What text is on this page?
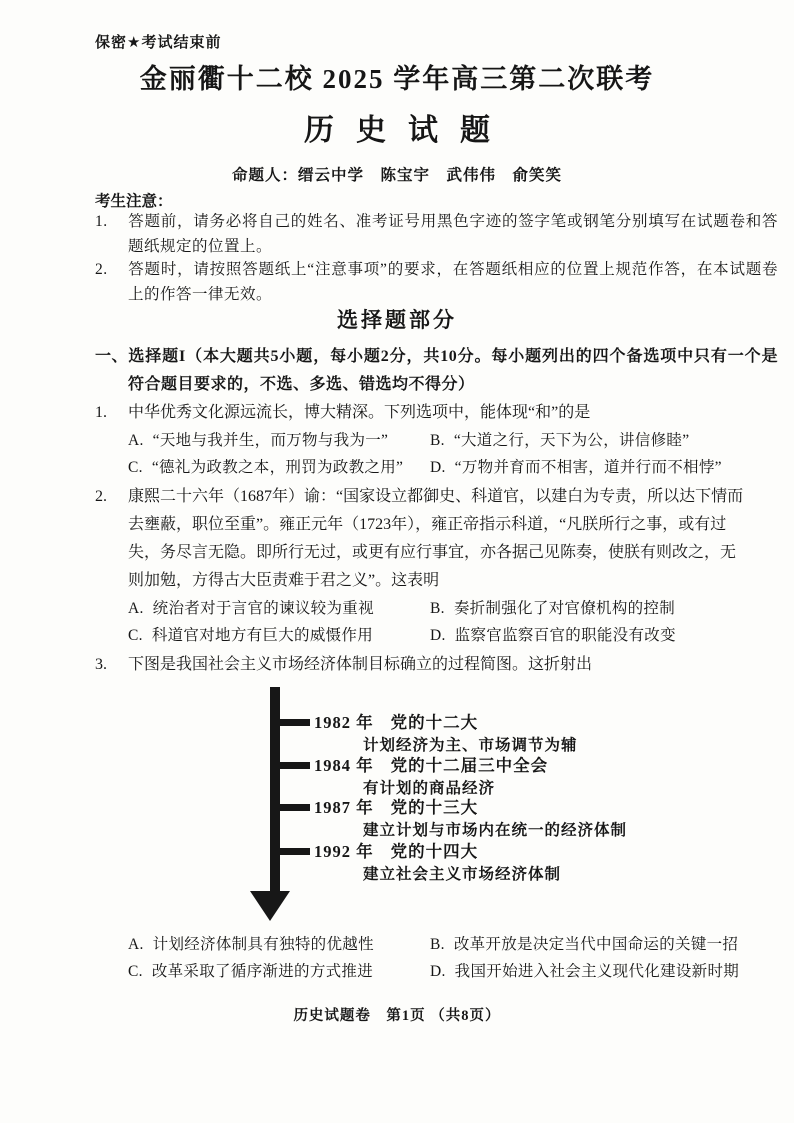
保密★考试结束前
金丽衢十二校 2025 学年高三第二次联考
历史试题
命题人：缙云中学　陈宝宇　武伟伟　俞笑笑
考生注意：
1. 答题前，请务必将自己的姓名、准考证号用黑色字迹的签字笔或钢笔分别填写在试题卷和答题纸规定的位置上。
2. 答题时，请按照答题纸上“注意事项”的要求，在答题纸相应的位置上规范作答，在本试题卷上的作答一律无效。
选择题部分
一、选择题I（本大题共5小题，每小题2分，共10分。每小题列出的四个备选项中只有一个是符合题目要求的，不选、多选、错选均不得分）
1. 中华优秀文化源远流长，博大精深。下列选项中，能体现“和”的是
A. “天地与我并生，而万物与我为一”	B. “大道之行，天下为公，讲信修睦”
C. “德礼为政教之本，刑罚为政教之用”	D. “万物并育而不相害，道并行而不相悖”
2. 康熙二十六年（1687年）谕：“国家设立都御史、科道官，以建白为专责，所以达下情而去壅蔽，职位至重”。雍正元年（1723年），雍正帝指示科道，“凡朕所行之事，或有过失，务尽言无隐。即所行无过，或更有应行事宜，亦各据己见陈奏，使朕有则改之，无则加勉，方得古大臣责难于君之义”。这表明
A. 统治者对于言官的谏议较为重视	B. 奏折制强化了对官僚机构的控制
C. 科道官对地方有巨大的威慑作用	D. 监察官监察百官的职能没有改变
3. 下图是我国社会主义市场经济体制目标确立的过程简图。这折射出
1982 年 党的十二大
计划经济为主、市场调节为辅
1984 年 党的十二届三中全会
有计划的商品经济
1987 年 党的十三大
建立计划与市场内在统一的经济体制
1992 年 党的十四大
建立社会主义市场经济体制
A. 计划经济体制具有独特的优越性	B. 改革开放是决定当代中国命运的关键一招
C. 改革采取了循序渐进的方式推进	D. 我国开始进入社会主义现代化建设新时期
历史试题卷　第1页 （共8页）
